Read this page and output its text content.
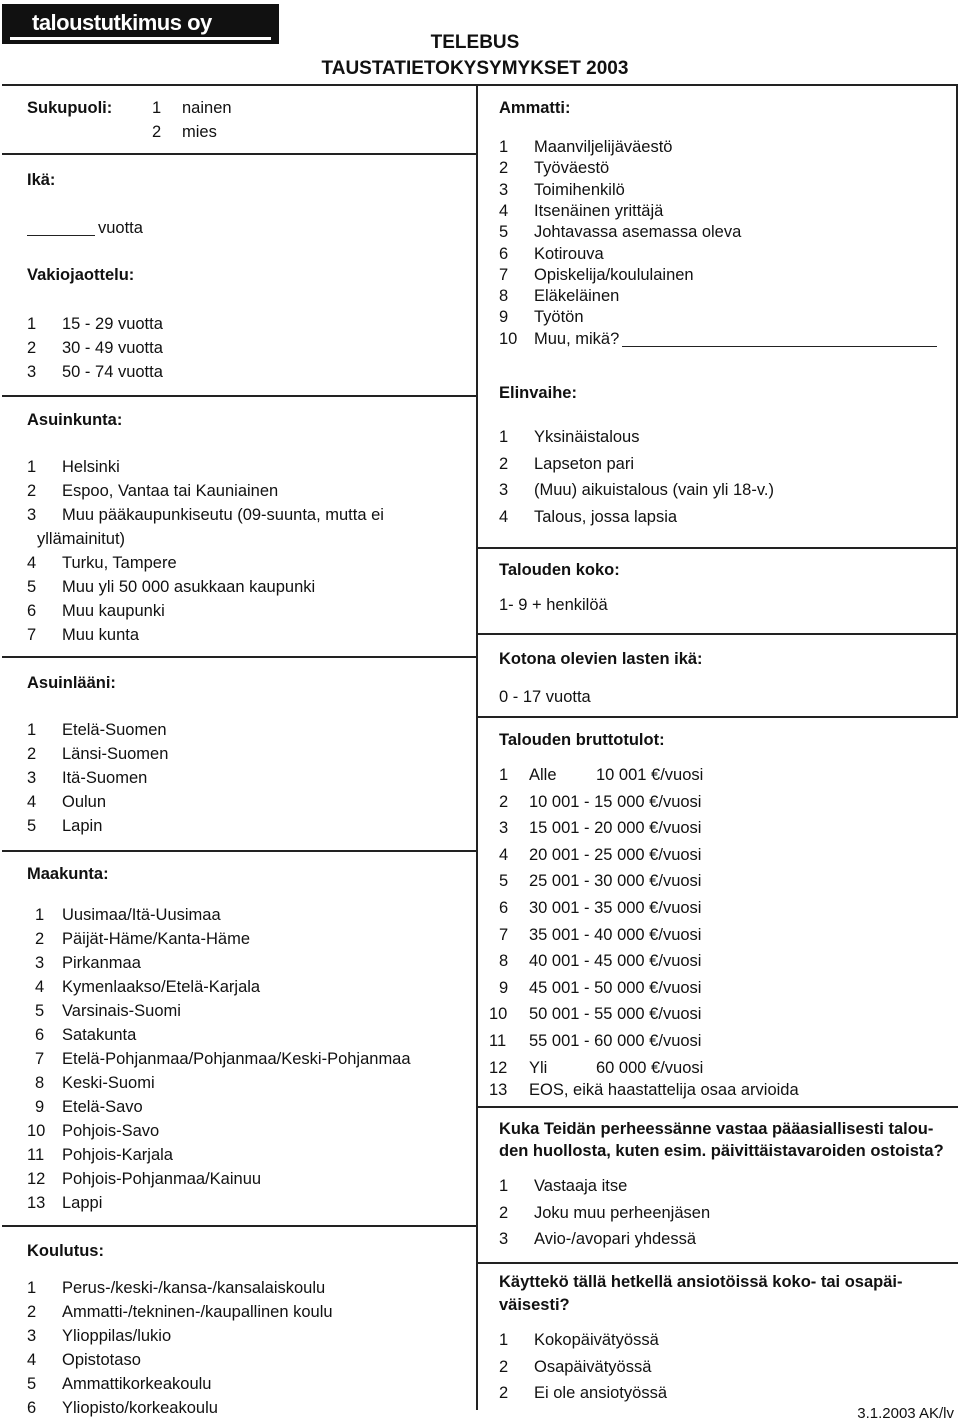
taloustutkimus oy
TELEBUS
TAUSTATIETOKYSYMYKSET 2003
Sukupuoli: 1 nainen
2 mies
Ikä:
vuotta
Vakiojaottelu:
1 15 - 29 vuotta
2 30 - 49 vuotta
3 50 - 74 vuotta
Asuinkunta:
1 Helsinki
2 Espoo, Vantaa tai Kauniainen
3 Muu pääkaupunkiseutu (09-suunta, mutta ei
yllämainitut)
4 Turku, Tampere
5 Muu yli 50 000 asukkaan kaupunki
6 Muu kaupunki
7 Muu kunta
Asuinlääni:
1 Etelä-Suomen
2 Länsi-Suomen
3 Itä-Suomen
4 Oulun
5 Lapin
Maakunta:
1 Uusimaa/Itä-Uusimaa
2 Päijät-Häme/Kanta-Häme
3 Pirkanmaa
4 Kymenlaakso/Etelä-Karjala
5 Varsinais-Suomi
6 Satakunta
7 Etelä-Pohjanmaa/Pohjanmaa/Keski-Pohjanmaa
8 Keski-Suomi
9 Etelä-Savo
10 Pohjois-Savo
11 Pohjois-Karjala
12 Pohjois-Pohjanmaa/Kainuu
13 Lappi
Koulutus:
1 Perus-/keski-/kansa-/kansalaiskoulu
2 Ammatti-/tekninen-/kaupallinen koulu
3 Ylioppilas/lukio
4 Opistotaso
5 Ammattikorkeakoulu
6 Yliopisto/korkeakoulu
Ammatti:
1 Maanviljelijäväestö
2 Työväestö
3 Toimihenkilö
4 Itsenäinen yrittäjä
5 Johtavassa asemassa oleva
6 Kotirouva
7 Opiskelija/koululainen
8 Eläkeläinen
9 Työtön
10 Muu, mikä?
Elinvaihe:
1 Yksinäistalous
2 Lapseton pari
3 (Muu) aikuistalous (vain yli 18-v.)
4 Talous, jossa lapsia
Talouden koko:
1- 9 + henkilöä
Kotona olevien lasten ikä:
0 - 17 vuotta
Talouden bruttotulot:
1 Alle 10 001 €/vuosi
2 10 001 - 15 000 €/vuosi
3 15 001 - 20 000 €/vuosi
4 20 001 - 25 000 €/vuosi
5 25 001 - 30 000 €/vuosi
6 30 001 - 35 000 €/vuosi
7 35 001 - 40 000 €/vuosi
8 40 001 - 45 000 €/vuosi
9 45 001 - 50 000 €/vuosi
10 50 001 - 55 000 €/vuosi
11 55 001 - 60 000 €/vuosi
12 Yli	60 000 €/vuosi
13 EOS, eikä haastattelija osaa arvioida
Kuka Teidän perheessänne vastaa pääasiallisesti talou-
den huollosta, kuten esim. päivittäistavaroiden ostoista?
1 Vastaaja itse
2 Joku muu perheenjäsen
3 Avio-/avopari yhdessä
Käyttekö tällä hetkellä ansiotöissä koko- tai osapäi-
väisesti?
1 Kokopäivätyössä
2 Osapäivätyössä
2 Ei ole ansiotyössä
3.1.2003 AK/lv
